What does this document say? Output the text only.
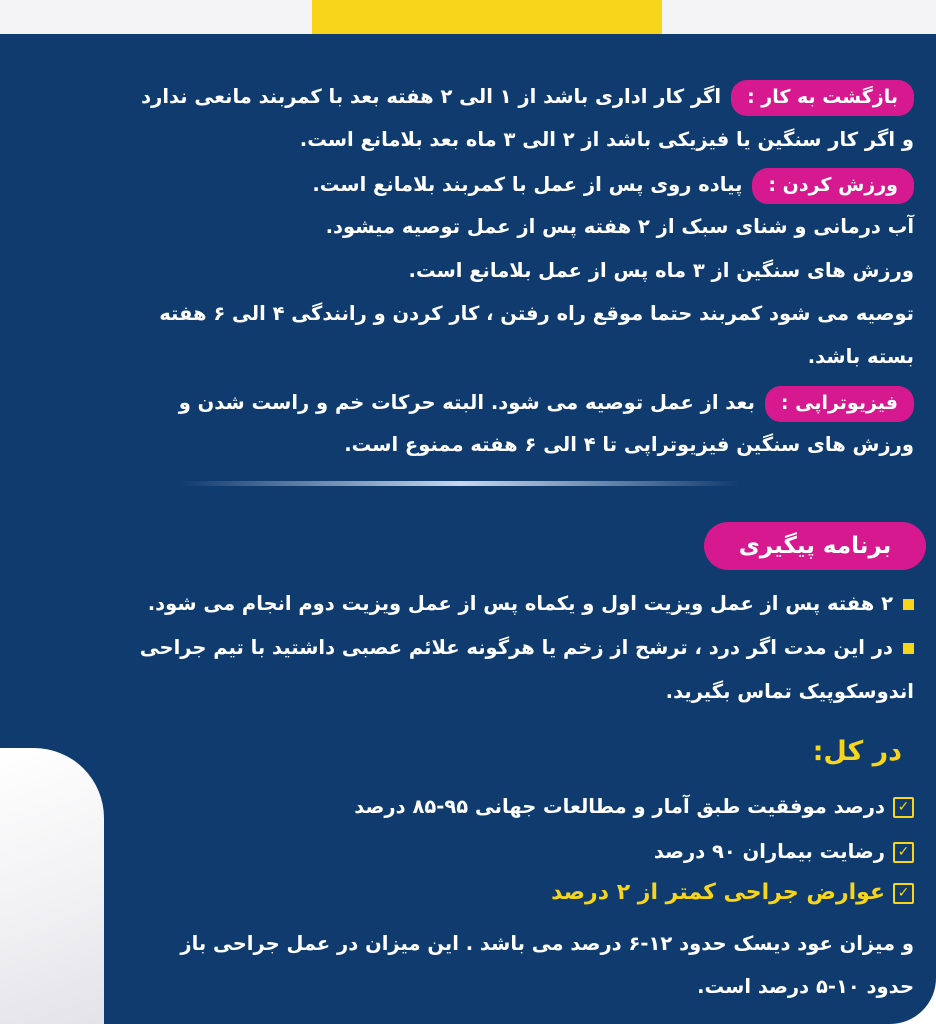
بازگشت به کار :اگر کار اداری باشد از ۱ الی ۲ هفته بعد با کمربند مانعی ندارد
و اگر کار سنگین یا فیزیکی باشد از ۲ الی ۳ ماه بعد بلامانع است.
ورزش کردن :پیاده روی پس از عمل با کمربند بلامانع است.
آب درمانی و شنای سبک از ۲ هفته پس از عمل توصیه میشود.
ورزش های سنگین از ۳ ماه پس از عمل بلامانع است.
توصیه می شود کمربند حتما موقع راه رفتن ، کار کردن و رانندگی ۴ الی ۶ هفته
بسته باشد.
فیزیوتراپی :بعد از عمل توصیه می شود. البته حرکات خم و راست شدن و
ورزش های سنگین فیزیوتراپی تا ۴ الی ۶ هفته ممنوع است.
برنامه پیگیری
۲ هفته پس از عمل ویزیت اول و یکماه پس از عمل ویزیت دوم انجام می شود.
در این مدت اگر درد ، ترشح از زخم یا هرگونه علائم عصبی داشتید با تیم جراحی
اندوسکوپیک تماس بگیرید.
در کل:
✓درصد موفقیت طبق آمار و مطالعات جهانی ۹۵-۸۵ درصد
✓رضایت بیماران ۹۰ درصد
✓عوارض جراحی کمتر از ۲ درصد
و میزان عود دیسک حدود ۱۲-۶ درصد می باشد . این میزان در عمل جراحی باز
حدود ۱۰-۵ درصد است.
